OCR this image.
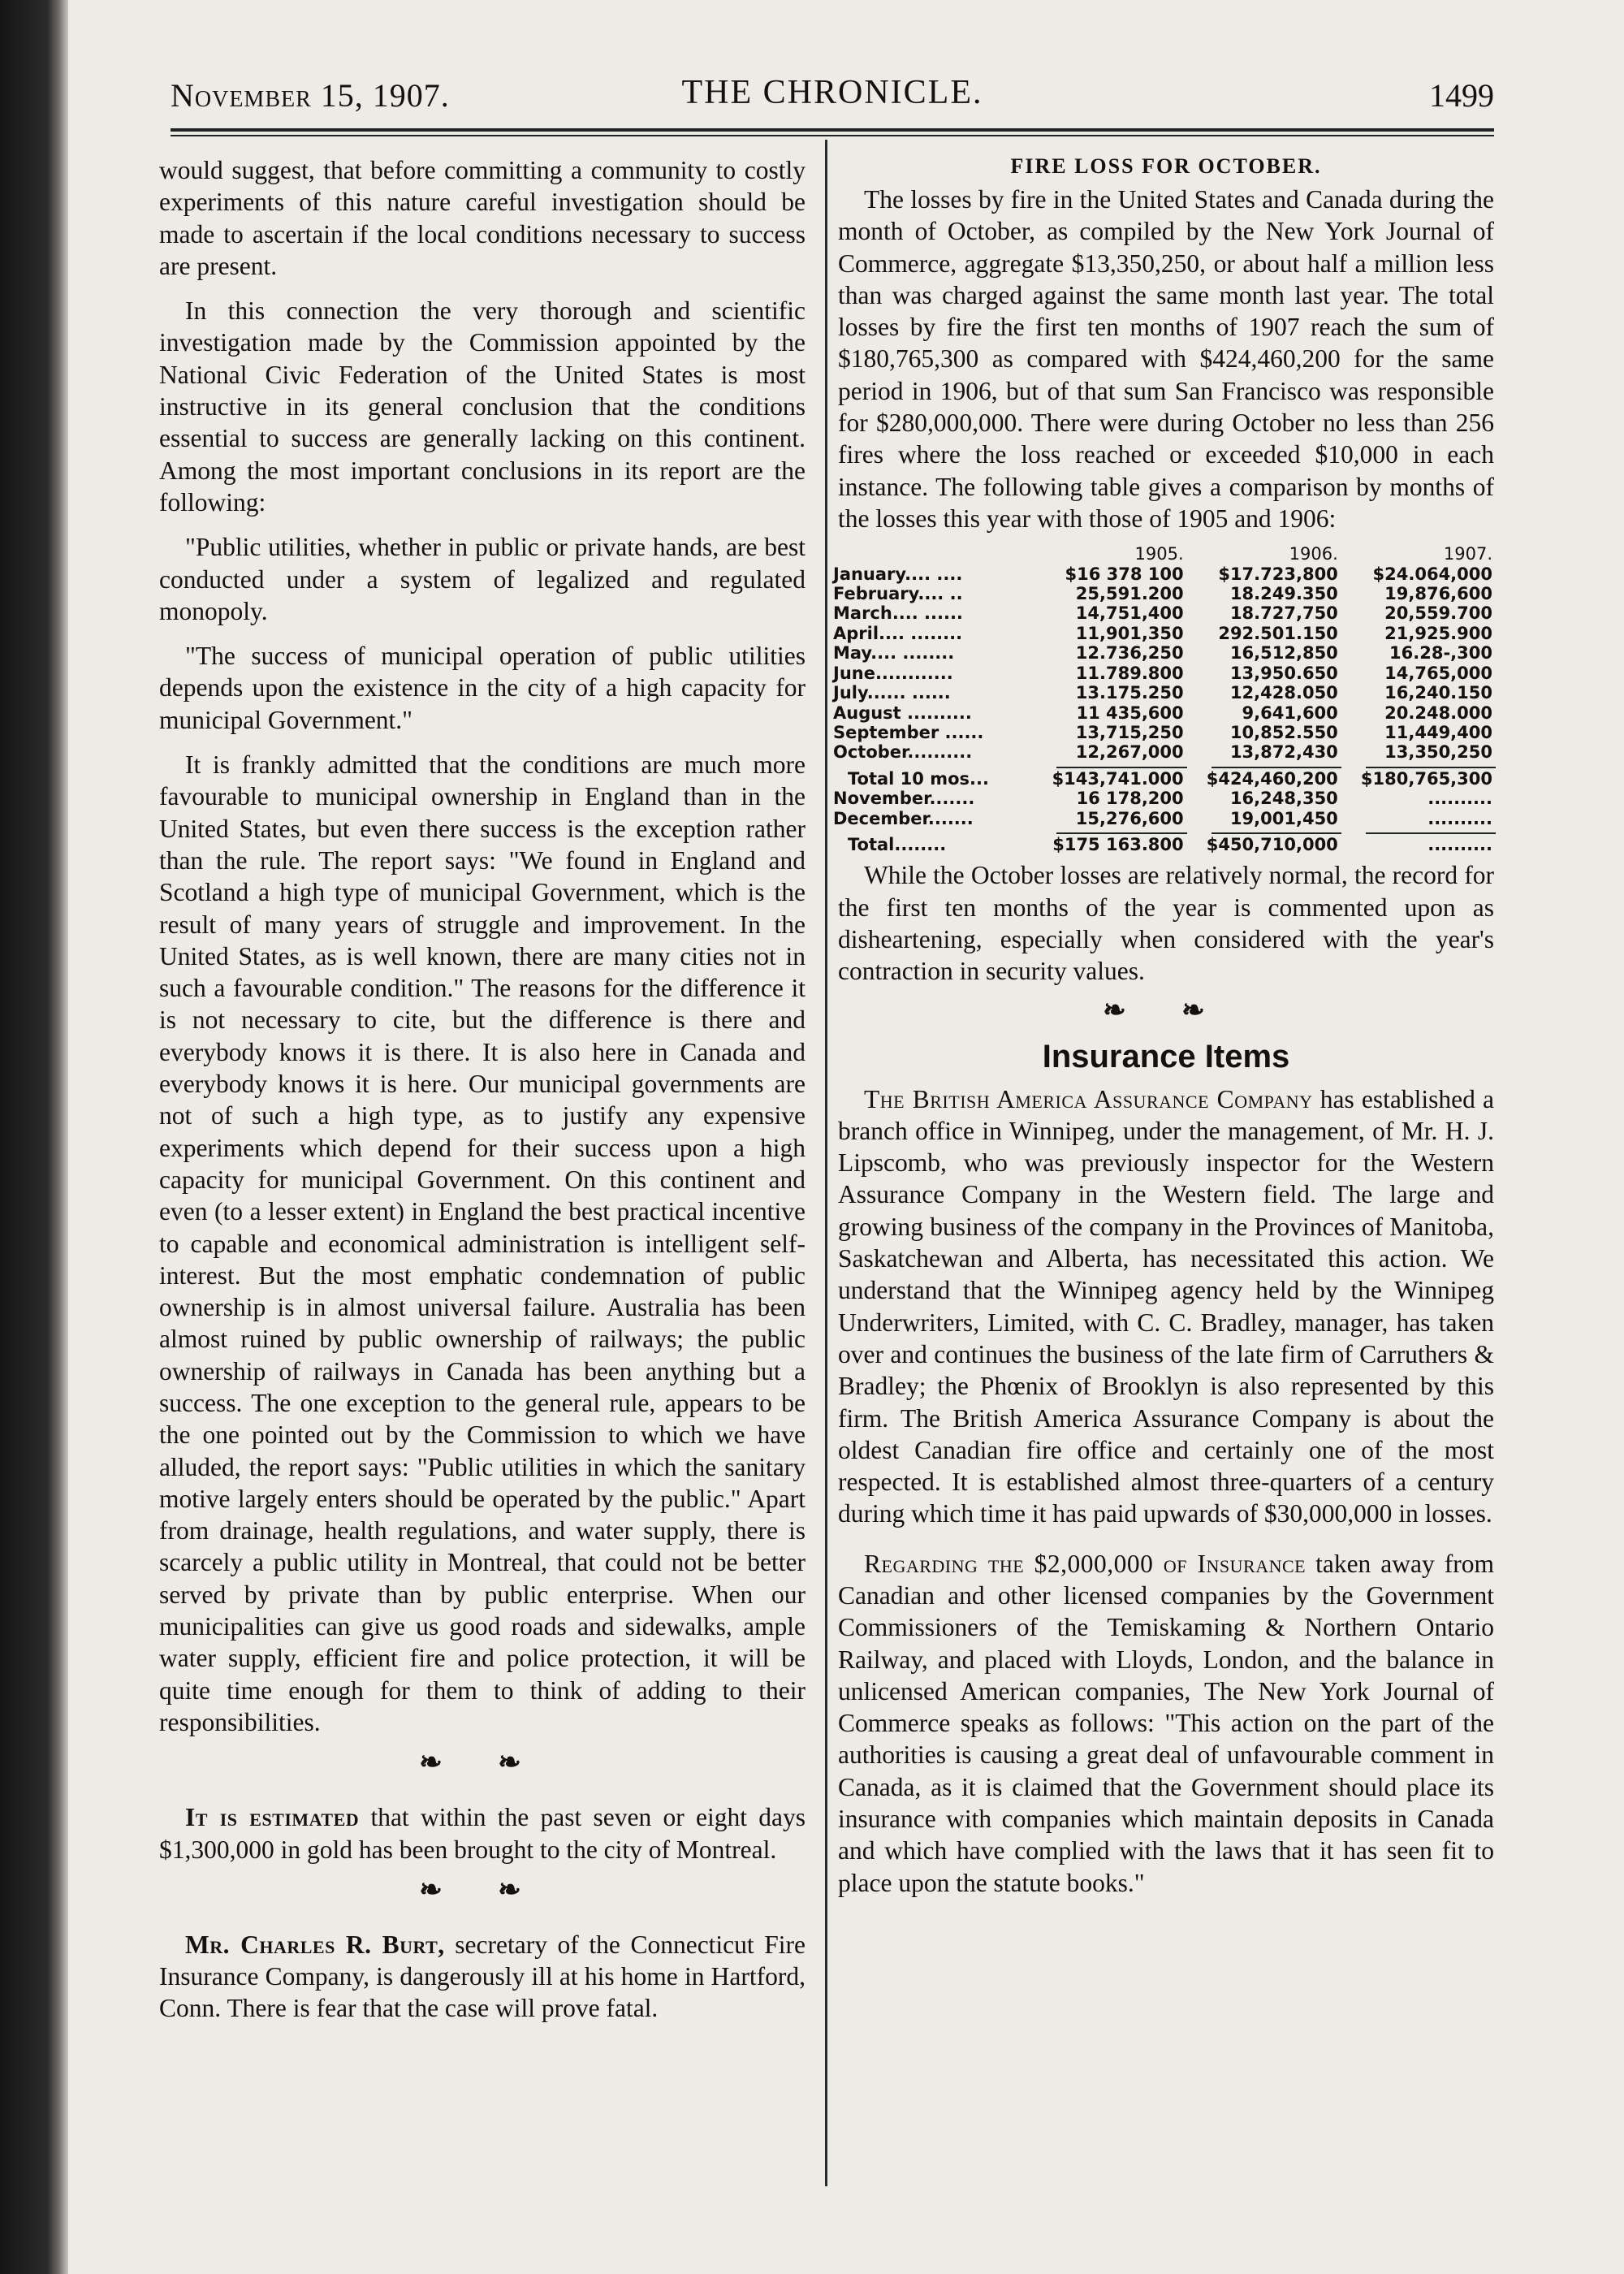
November 15, 1907.	THE CHRONICLE.	1499

would suggest, that before committing a community to costly experiments of this nature careful investigation should be made to ascertain if the local conditions necessary to success are present.

In this connection the very thorough and scientific investigation made by the Commission appointed by the National Civic Federation of the United States is most instructive in its general conclusion that the conditions essential to success are generally lacking on this continent. Among the most important conclusions in its report are the following:

"Public utilities, whether in public or private hands, are best conducted under a system of legalized and regulated monopoly.

"The success of municipal operation of public utilities depends upon the existence in the city of a high capacity for municipal Government."

It is frankly admitted that the conditions are much more favourable to municipal ownership in England than in the United States, but even there success is the exception rather than the rule. The report says: "We found in England and Scotland a high type of municipal Government, which is the result of many years of struggle and improvement. In the United States, as is well known, there are many cities not in such a favourable condition." The reasons for the difference it is not necessary to cite, but the difference is there and everybody knows it is there. It is also here in Canada and everybody knows it is here. Our municipal governments are not of such a high type, as to justify any expensive experiments which depend for their success upon a high capacity for municipal Government. On this continent and even (to a lesser extent) in England the best practical incentive to capable and economical administration is intelligent self-interest. But the most emphatic condemnation of public ownership is in almost universal failure. Australia has been almost ruined by public ownership of railways; the public ownership of railways in Canada has been anything but a success. The one exception to the general rule, appears to be the one pointed out by the Commission to which we have alluded, the report says: "Public utilities in which the sanitary motive largely enters should be operated by the public." Apart from drainage, health regulations, and water supply, there is scarcely a public utility in Montreal, that could not be better served by private than by public enterprise. When our municipalities can give us good roads and sidewalks, ample water supply, efficient fire and police protection, it will be quite time enough for them to think of adding to their responsibilities.

❧ ❧

It is estimated that within the past seven or eight days $1,300,000 in gold has been brought to the city of Montreal.

❧ ❧

Mr. Charles R. Burt, secretary of the Connecticut Fire Insurance Company, is dangerously ill at his home in Hartford, Conn. There is fear that the case will prove fatal.

FIRE LOSS FOR OCTOBER.

The losses by fire in the United States and Canada during the month of October, as compiled by the New York Journal of Commerce, aggregate $13,350,250, or about half a million less than was charged against the same month last year. The total losses by fire the first ten months of 1907 reach the sum of $180,765,300 as compared with $424,460,200 for the same period in 1906, but of that sum San Francisco was responsible for $280,000,000. There were during October no less than 256 fires where the loss reached or exceeded $10,000 in each instance. The following table gives a comparison by months of the losses this year with those of 1905 and 1906:

	1905.	1906.	1907.
January.... ....	$16 378 100	$17.723,800	$24.064,000
February.... ..	25,591.200	18.249.350	19,876,600
March.... ......	14,751,400	18.727,750	20,559.700
April.... ........	11,901,350	292.501.150	21,925.900
May.... ........	12.736,250	16,512,850	16.28-,300
June............	11.789.800	13,950.650	14,765,000
July...... ......	13.175.250	12,428.050	16,240.150
August ..........	11 435,600	9,641,600	20.248.000
September ......	13,715,250	10,852.550	11,449,400
October..........	12,267,000	13,872,430	13,350,250

Total 10 mos...	$143,741.000	$424,460,200	$180,765,300
November.......	16 178,200	16,248,350	..........
December.......	15,276,600	19,001,450	..........

Total........	$175 163.800	$450,710,000	..........

While the October losses are relatively normal, the record for the first ten months of the year is commented upon as disheartening, especially when considered with the year's contraction in security values.

❧ ❧
Insurance Items

The British America Assurance Company has established a branch office in Winnipeg, under the management, of Mr. H. J. Lipscomb, who was previously inspector for the Western Assurance Company in the Western field. The large and growing business of the company in the Provinces of Manitoba, Saskatchewan and Alberta, has necessitated this action. We understand that the Winnipeg agency held by the Winnipeg Underwriters, Limited, with C. C. Bradley, manager, has taken over and continues the business of the late firm of Carruthers & Bradley; the Phœnix of Brooklyn is also represented by this firm. The British America Assurance Company is about the oldest Canadian fire office and certainly one of the most respected. It is established almost three-quarters of a century during which time it has paid upwards of $30,000,000 in losses.

Regarding the $2,000,000 of Insurance taken away from Canadian and other licensed companies by the Government Commissioners of the Temiskaming & Northern Ontario Railway, and placed with Lloyds, London, and the balance in unlicensed American companies, The New York Journal of Commerce speaks as follows: "This action on the part of the authorities is causing a great deal of unfavourable comment in Canada, as it is claimed that the Government should place its insurance with companies which maintain deposits in Canada and which have complied with the laws that it has seen fit to place upon the statute books."
